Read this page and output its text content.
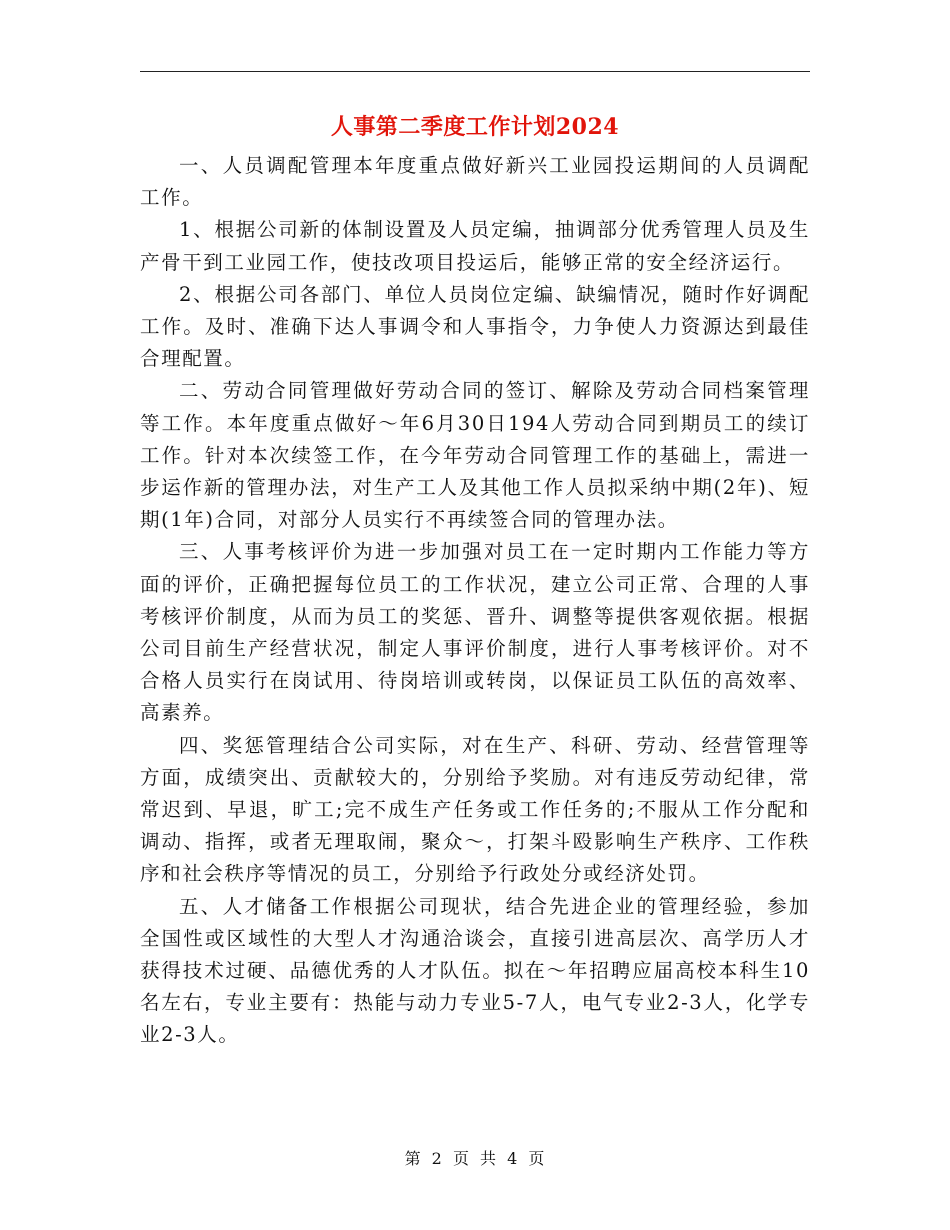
人事第二季度工作计划2024

一、人员调配管理本年度重点做好新兴工业园投运期间的人员调配工作。

1、根据公司新的体制设置及人员定编，抽调部分优秀管理人员及生产骨干到工业园工作，使技改项目投运后，能够正常的安全经济运行。

2、根据公司各部门、单位人员岗位定编、缺编情况，随时作好调配工作。及时、准确下达人事调令和人事指令，力争使人力资源达到最佳合理配置。

二、劳动合同管理做好劳动合同的签订、解除及劳动合同档案管理等工作。本年度重点做好～年6月30日194人劳动合同到期员工的续订工作。针对本次续签工作，在今年劳动合同管理工作的基础上，需进一步运作新的管理办法，对生产工人及其他工作人员拟采纳中期(2年)、短期(1年)合同，对部分人员实行不再续签合同的管理办法。

三、人事考核评价为进一步加强对员工在一定时期内工作能力等方面的评价，正确把握每位员工的工作状况，建立公司正常、合理的人事考核评价制度，从而为员工的奖惩、晋升、调整等提供客观依据。根据公司目前生产经营状况，制定人事评价制度，进行人事考核评价。对不合格人员实行在岗试用、待岗培训或转岗，以保证员工队伍的高效率、高素养。

四、奖惩管理结合公司实际，对在生产、科研、劳动、经营管理等方面，成绩突出、贡献较大的，分别给予奖励。对有违反劳动纪律，常常迟到、早退，旷工;完不成生产任务或工作任务的;不服从工作分配和调动、指挥，或者无理取闹，聚众～，打架斗殴影响生产秩序、工作秩序和社会秩序等情况的员工，分别给予行政处分或经济处罚。

五、人才储备工作根据公司现状，结合先进企业的管理经验，参加全国性或区域性的大型人才沟通洽谈会，直接引进高层次、高学历人才获得技术过硬、品德优秀的人才队伍。拟在～年招聘应届高校本科生10名左右，专业主要有：热能与动力专业5-7人，电气专业2-3人，化学专业2-3人。

第 2 页 共 4 页
